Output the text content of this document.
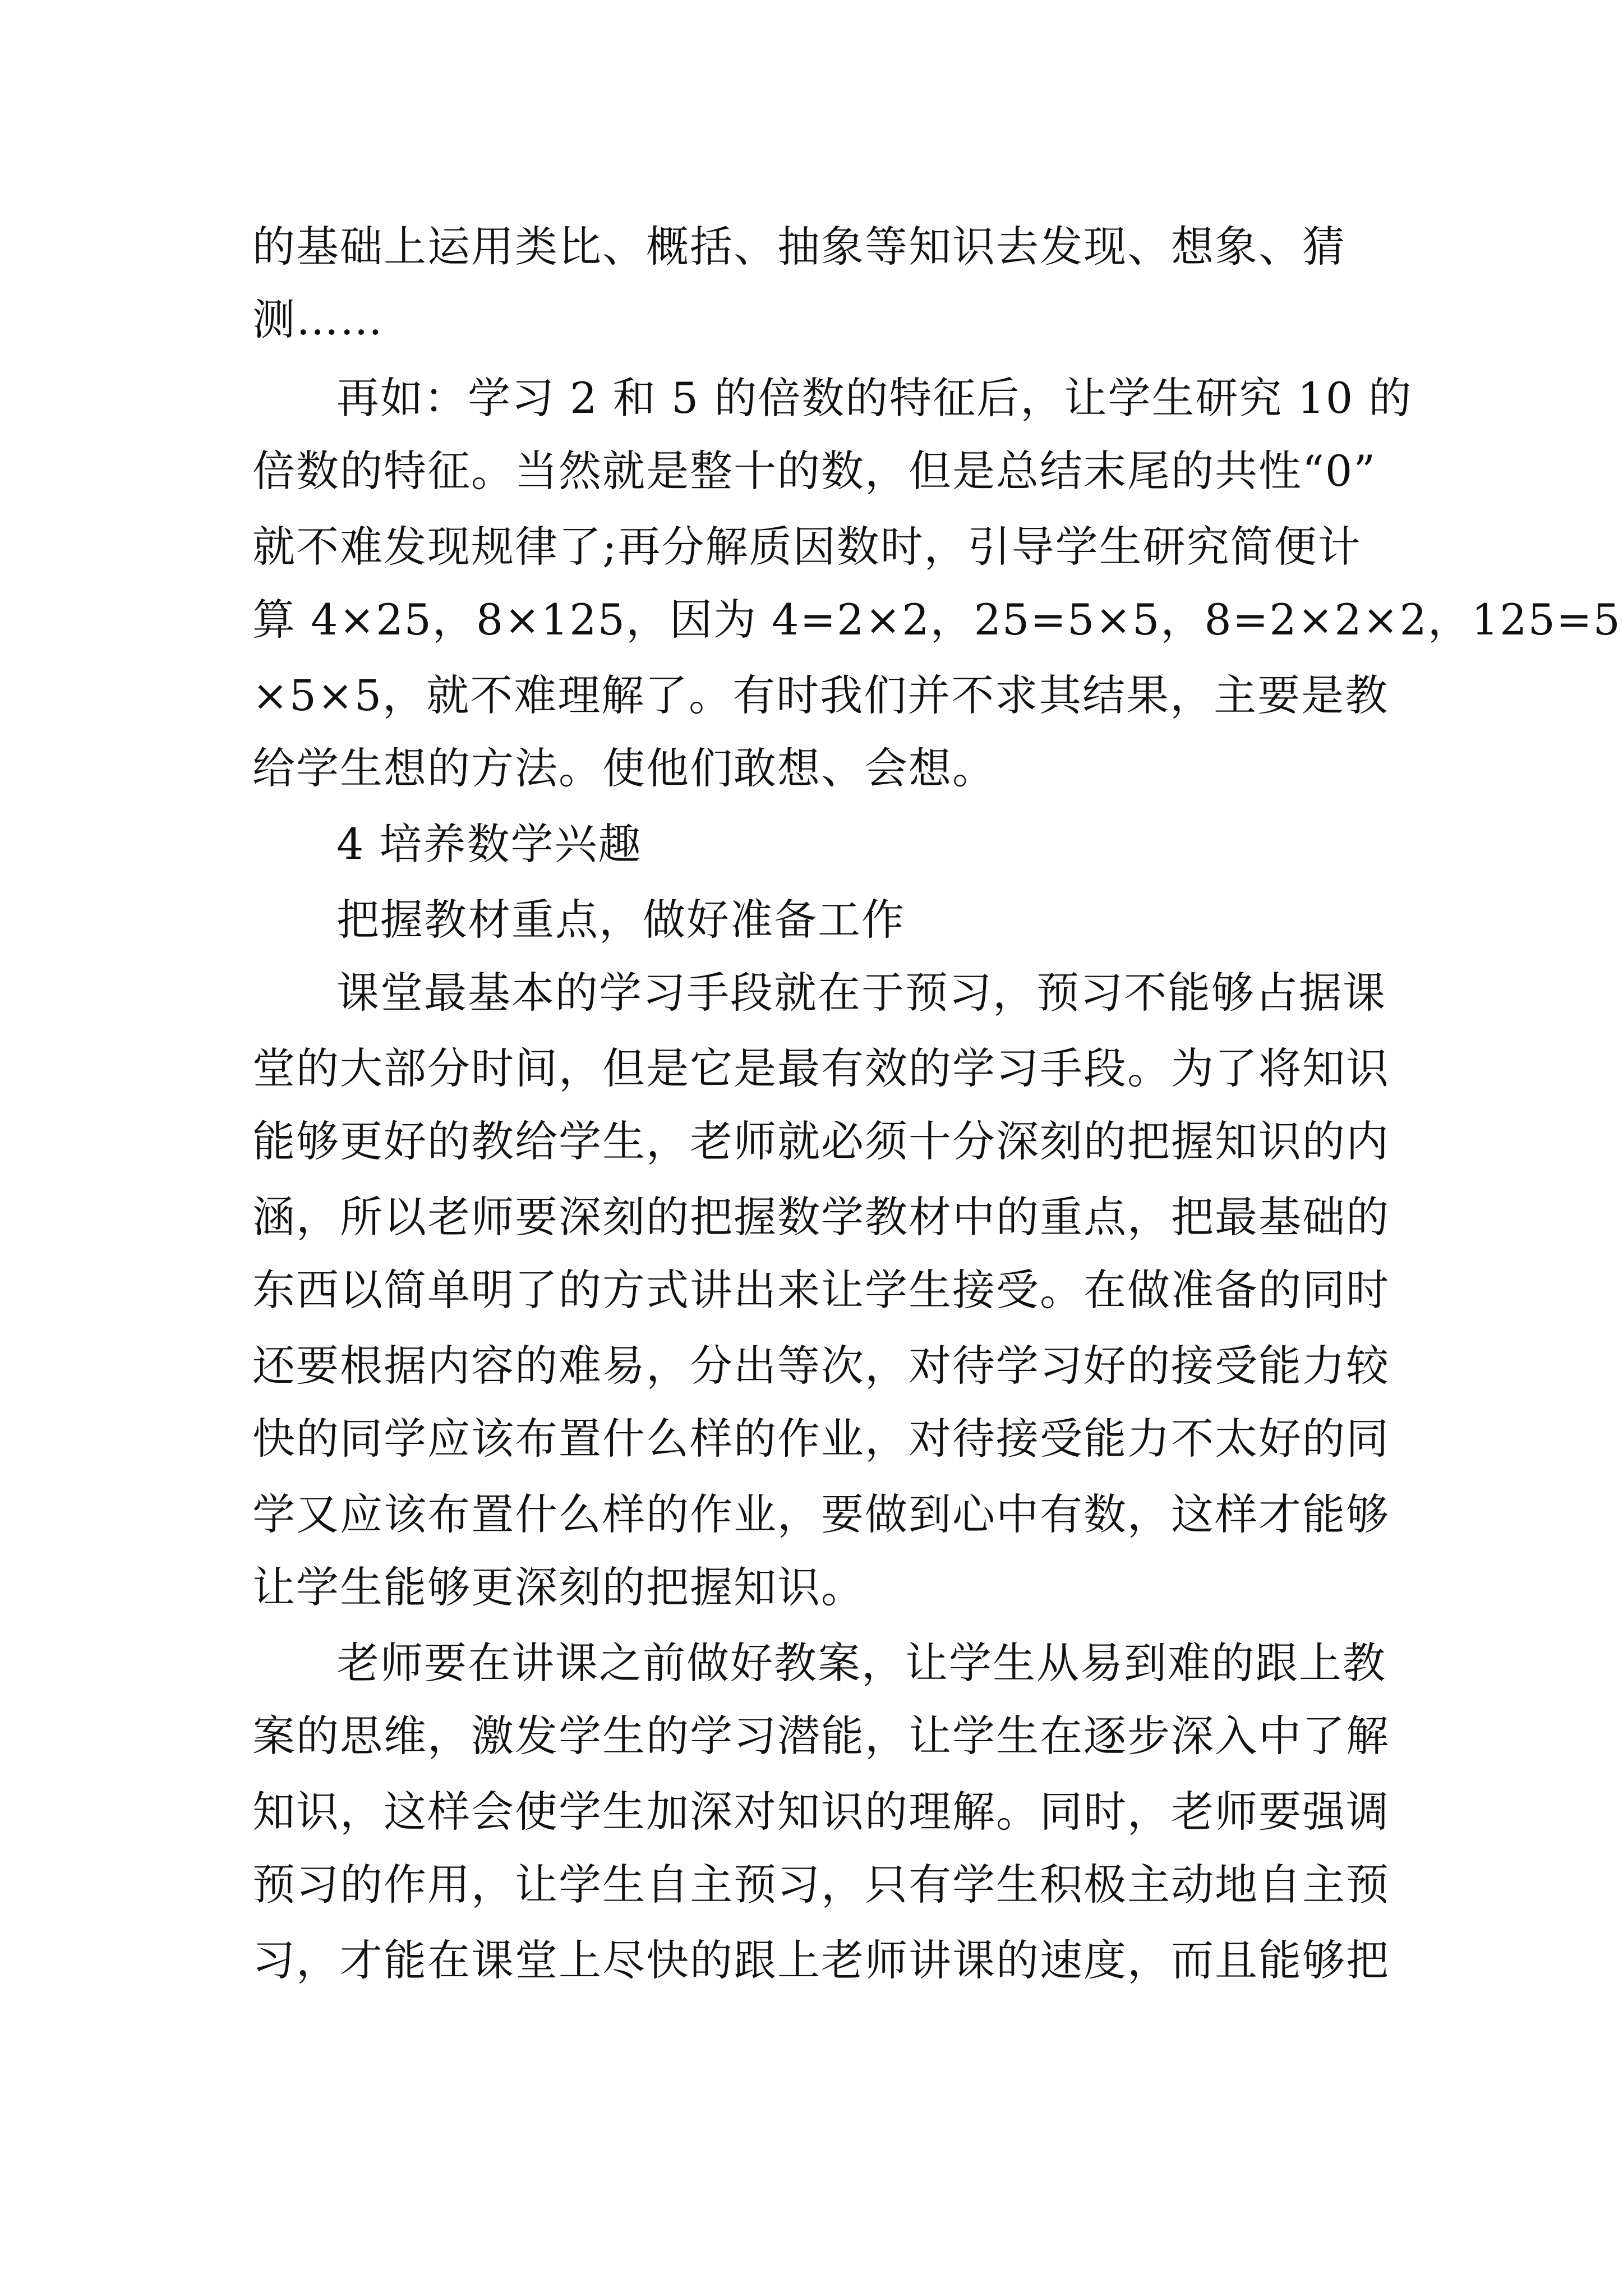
的基础上运用类比、概括、抽象等知识去发现、想象、猜
测……
再如：学习 2 和 5 的倍数的特征后，让学生研究 10 的
倍数的特征。当然就是整十的数，但是总结末尾的共性“0”
就不难发现规律了;再分解质因数时，引导学生研究简便计
算 4×25，8×125，因为 4=2×2，25=5×5，8=2×2×2，125=5
×5×5，就不难理解了。有时我们并不求其结果，主要是教
给学生想的方法。使他们敢想、会想。
4 培养数学兴趣
把握教材重点，做好准备工作
课堂最基本的学习手段就在于预习，预习不能够占据课
堂的大部分时间，但是它是最有效的学习手段。为了将知识
能够更好的教给学生，老师就必须十分深刻的把握知识的内
涵，所以老师要深刻的把握数学教材中的重点，把最基础的
东西以简单明了的方式讲出来让学生接受。在做准备的同时
还要根据内容的难易，分出等次，对待学习好的接受能力较
快的同学应该布置什么样的作业，对待接受能力不太好的同
学又应该布置什么样的作业，要做到心中有数，这样才能够
让学生能够更深刻的把握知识。
老师要在讲课之前做好教案，让学生从易到难的跟上教
案的思维，激发学生的学习潜能，让学生在逐步深入中了解
知识，这样会使学生加深对知识的理解。同时，老师要强调
预习的作用，让学生自主预习，只有学生积极主动地自主预
习，才能在课堂上尽快的跟上老师讲课的速度，而且能够把
